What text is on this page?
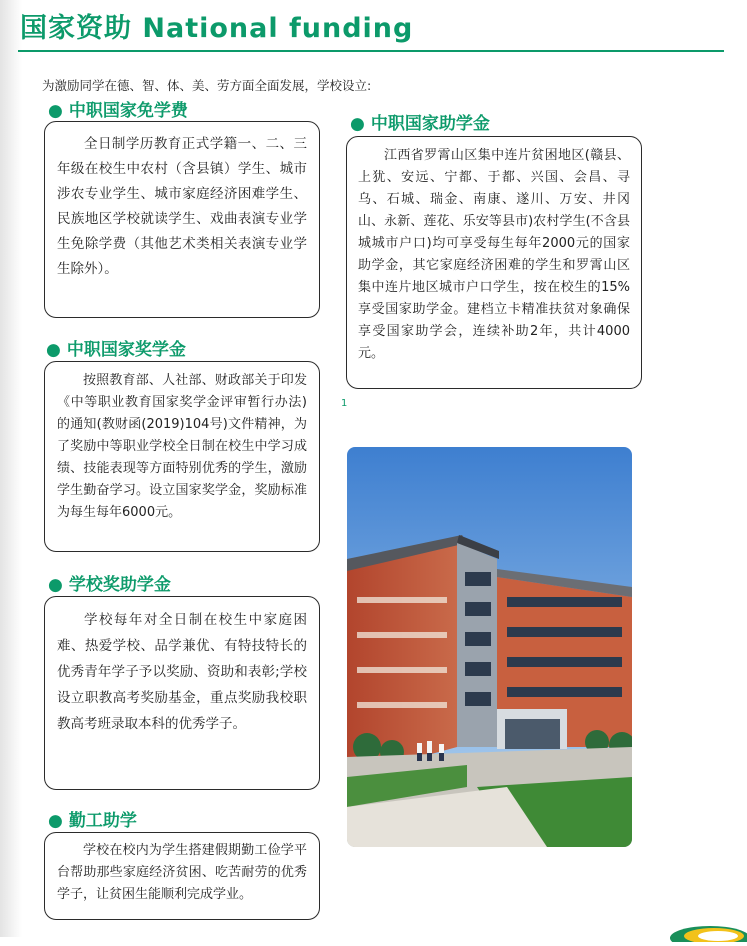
国家资助 National funding
为激励同学在德、智、体、美、劳方面全面发展，学校设立:
● 中职国家免学费

全日制学历教育正式学籍一、二、三年级在校生中农村（含县镇）学生、城市涉农专业学生、城市家庭经济困难学生、民族地区学校就读学生、戏曲表演专业学生免除学费（其他艺术类相关表演专业学生除外）。

● 中职国家奖学金

按照教育部、人社部、财政部关于印发《中等职业教育国家奖学金评审暂行办法)的通知(教财函(2019)104号)文件精神，为了奖励中等职业学校全日制在校生中学习成绩、技能表现等方面特别优秀的学生，激励学生勤奋学习。设立国家奖学金，奖励标准为每生每年6000元。

● 学校奖助学金

学校每年对全日制在校生中家庭困难、热爱学校、品学兼优、有特技特长的优秀青年学子予以奖励、资助和表彰;学校设立职教高考奖励基金，重点奖励我校职教高考班录取本科的优秀学子。

● 勤工助学

学校在校内为学生搭建假期勤工俭学平台帮助那些家庭经济贫困、吃苦耐劳的优秀学子，让贫困生能顺利完成学业。

● 中职国家助学金

江西省罗霄山区集中连片贫困地区(赣县、上犹、安远、宁都、于都、兴国、会昌、寻乌、石城、瑞金、南康、遂川、万安、井冈山、永新、莲花、乐安等县市)农村学生(不含县城城市户口)均可享受每生每年2000元的国家助学金，其它家庭经济困难的学生和罗霄山区集中连片地区城市户口学生，按在校生的15%享受国家助学金。建档立卡精准扶贫对象确保享受国家助学会，连续补助2年，共计4000元。

1
